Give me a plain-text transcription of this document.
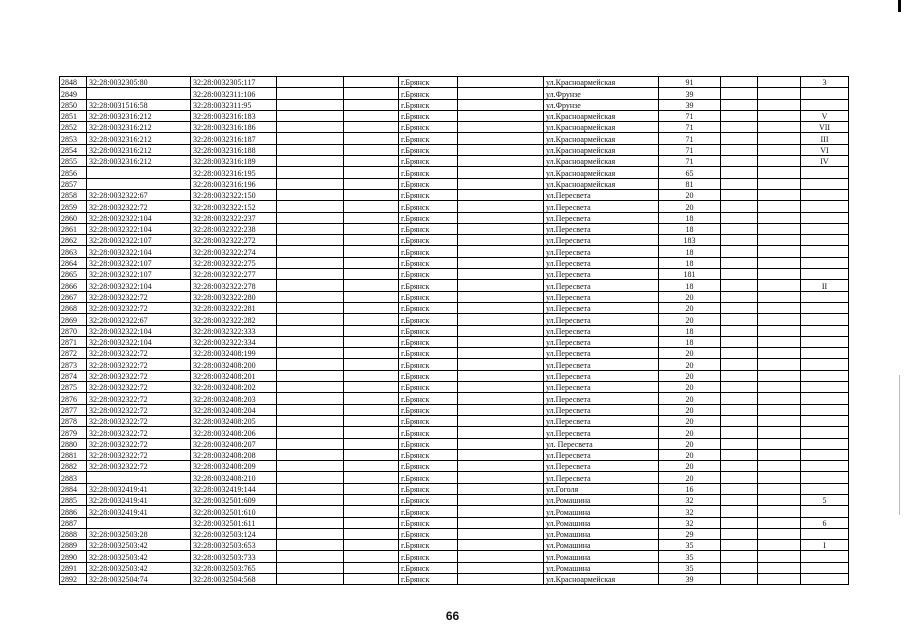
2848	32:28:0032305:80	32:28:0032305:117			г.Брянск		ул.Красноармейская	91			3
2849		32:28:0032311:106			г.Брянск		ул.Фрунзе	39			
2850	32:28:0031516:58	32:28:0032311:95			г.Брянск		ул.Фрунзе	39			
2851	32:28:0032316:212	32:28:0032316:183			г.Брянск		ул.Красноармейская	71			V
2852	32:28:0032316:212	32:28:0032316:186			г.Брянск		ул.Красноармейская	71			VII
2853	32:28:0032316:212	32:28:0032316:187			г.Брянск		ул.Красноармейская	71			III
2854	32:28:0032316:212	32:28:0032316:188			г.Брянск		ул.Красноармейская	71			VI
2855	32:28:0032316:212	32:28:0032316:189			г.Брянск		ул.Красноармейская	71			IV
2856		32:28:0032316:195			г.Брянск		ул.Красноармейская	65			
2857		32:28:0032316:196			г.Брянск		ул.Красноармейская	81			
2858	32:28:0032322:67	32:28:0032322:150			г.Брянск		ул.Пересвета	20			
2859	32:28:0032322:72	32:28:0032322:152			г.Брянск		ул.Пересвета	20			
2860	32:28:0032322:104	32:28:0032322:237			г.Брянск		ул.Пересвета	18			
2861	32:28:0032322:104	32:28:0032322:238			г.Брянск		ул.Пересвета	18			
2862	32:28:0032322:107	32:28:0032322:272			г.Брянск		ул.Пересвета	183			
2863	32:28:0032322:104	32:28:0032322:274			г.Брянск		ул.Пересвета	18			
2864	32:28:0032322:107	32:28:0032322:275			г.Брянск		ул.Пересвета	18			
2865	32:28:0032322:107	32:28:0032322:277			г.Брянск		ул.Пересвета	181			
2866	32:28:0032322:104	32:28:0032322:278			г.Брянск		ул.Пересвета	18			II
2867	32:28:0032322:72	32:28:0032322:280			г.Брянск		ул.Пересвета	20			
2868	32:28:0032322:72	32:28:0032322:281			г.Брянск		ул.Пересвета	20			
2869	32:28:0032322:67	32:28:0032322:282			г.Брянск		ул.Пересвета	20			
2870	32:28:0032322:104	32:28:0032322:333			г.Брянск		ул.Пересвета	18			
2871	32:28:0032322:104	32:28:0032322:334			г.Брянск		ул.Пересвета	18			
2872	32:28:0032322:72	32:28:0032408:199			г.Брянск		ул.Пересвета	20			
2873	32:28:0032322:72	32:28:0032408:200			г.Брянск		ул.Пересвета	20			
2874	32:28:0032322:72	32:28:0032408:201			г.Брянск		ул.Пересвета	20			
2875	32:28:0032322:72	32:28:0032408:202			г.Брянск		ул.Пересвета	20			
2876	32:28:0032322:72	32:28:0032408:203			г.Брянск		ул.Пересвета	20			
2877	32:28:0032322:72	32:28:0032408:204			г.Брянск		ул.Пересвета	20			
2878	32:28:0032322:72	32:28:0032408:205			г.Брянск		ул.Пересвета	20			
2879	32:28:0032322:72	32:28:0032408:206			г.Брянск		ул.Пересвета	20			
2880	32:28:0032322:72	32:28:0032408:207			г.Брянск		ул. Пересвета	20			
2881	32:28:0032322:72	32:28:0032408:208			г.Брянск		ул.Пересвета	20			
2882	32:28:0032322:72	32:28:0032408:209			г.Брянск		ул.Пересвета	20			
2883		32:28:0032408:210			г.Брянск		ул.Пересвета	20			
2884	32:28:0032419:41	32:28:0032419:144			г.Брянск		ул.Гоголя	16			
2885	32:28:0032419:41	32:28:0032501:609			г.Брянск		ул.Ромашина	32			5
2886	32:28:0032419:41	32:28:0032501:610			г.Брянск		ул.Ромашина	32			
2887		32:28:0032501:611			г.Брянск		ул.Ромашина	32			6
2888	32:28:0032503:28	32:28:0032503:124			г.Брянск		ул.Ромашина	29			
2889	32:28:0032503:42	32:28:0032503:653			г.Брянск		ул.Ромашина	35			I
2890	32:28:0032503:42	32:28:0032503:733			г.Брянск		ул.Ромашина	35			
2891	32:28:0032503:42	32:28:0032503:765			г.Брянск		ул.Ромашина	35			
2892	32:28:0032504:74	32:28:0032504:568			г.Брянск		ул.Красноармейская	39			
66
